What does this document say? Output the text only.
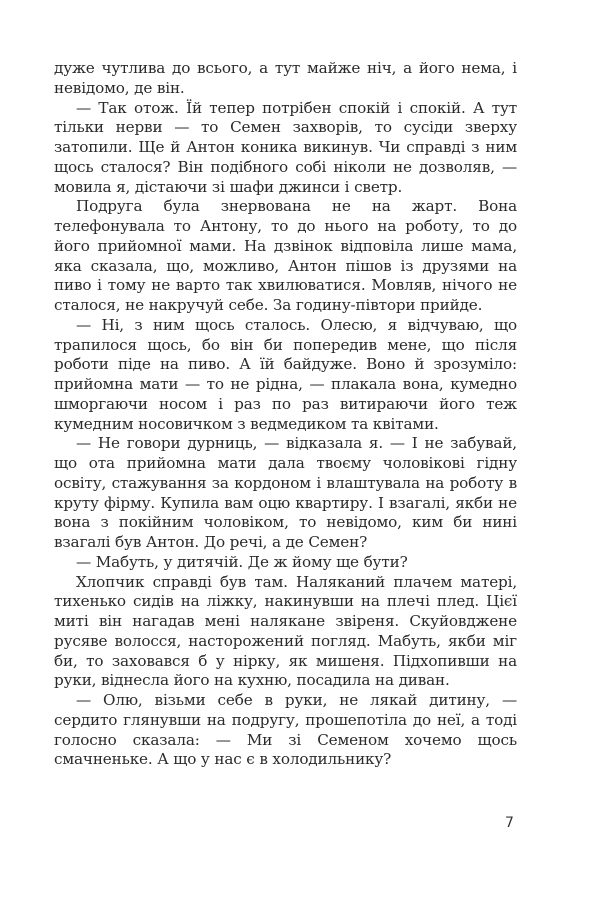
дуже чутлива до всього, а тут майже ніч, а його нема, і невідомо, де він.

— Так отож. Їй тепер потрібен спокій і спокій. А тут тільки нерви — то Семен захворів, то сусіди зверху затопили. Ще й Антон коника викинув. Чи справді з ним щось сталося? Він подібного собі ніколи не дозволяв, — мовила я, дістаючи зі шафи джинси і светр.

Подруга була знервована не на жарт. Вона телефонувала то Антону, то до нього на роботу, то до його прийомної мами. На дзвінок відповіла лише мама, яка сказала, що, можливо, Антон пішов із друзями на пиво і тому не варто так хвилюватися. Мовляв, нічого не сталося, не накручуй себе. За годину-півтори прийде.

— Ні, з ним щось сталось. Олесю, я відчуваю, що трапилося щось, бо він би попередив мене, що після роботи піде на пиво. А їй байдуже. Воно й зрозуміло: прийомна мати — то не рідна, — плакала вона, кумедно шморгаючи носом і раз по раз витираючи його теж кумедним носовичком з ведмедиком та квітами.

— Не говори дурниць, — відказала я. — І не забувай, що ота прийомна мати дала твоєму чоловікові гідну освіту, стажування за кордоном і влаштувала на роботу в круту фірму. Купила вам оцю квартиру. І взагалі, якби не вона з покійним чоловіком, то невідомо, ким би нині взагалі був Антон. До речі, а де Семен?

— Мабуть, у дитячій. Де ж йому ще бути?

Хлопчик справді був там. Наляканий плачем матері, тихенько сидів на ліжку, накинувши на плечі плед. Цієї миті він нагадав мені налякане звіреня. Скуйовджене русяве волосся, насторожений погляд. Мабуть, якби міг би, то заховався б у нірку, як мишеня. Підхопивши на руки, віднесла його на кухню, посадила на диван.

— Олю, візьми себе в руки, не лякай дитину, — сердито глянувши на подругу, прошепотіла до неї, а тоді голосно сказала: — Ми зі Семеном хочемо щось смачненьке. А що у нас є в холодильнику?

7
